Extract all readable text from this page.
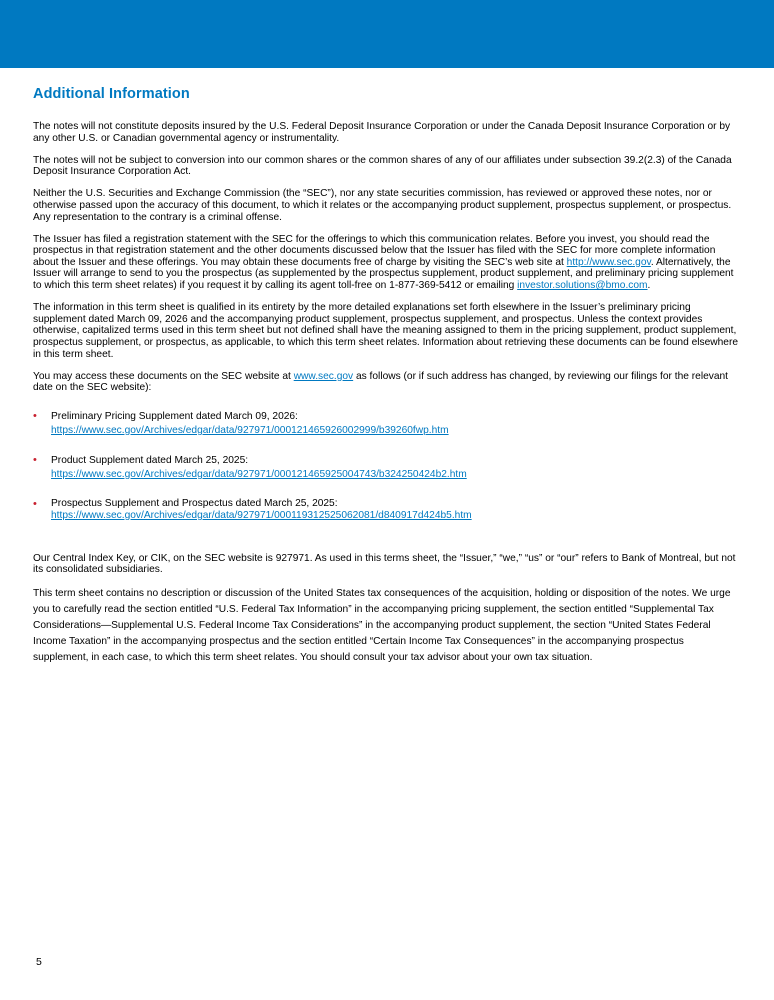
Additional Information

The notes will not constitute deposits insured by the U.S. Federal Deposit Insurance Corporation or under the Canada Deposit Insurance Corporation or by any other U.S. or Canadian governmental agency or instrumentality.

The notes will not be subject to conversion into our common shares or the common shares of any of our affiliates under subsection 39.2(2.3) of the Canada Deposit Insurance Corporation Act.

Neither the U.S. Securities and Exchange Commission (the “SEC”), nor any state securities commission, has reviewed or approved these notes, nor or otherwise passed upon the accuracy of this document, to which it relates or the accompanying product supplement, prospectus supplement, or prospectus. Any representation to the contrary is a criminal offense.

The Issuer has filed a registration statement with the SEC for the offerings to which this communication relates. Before you invest, you should read the prospectus in that registration statement and the other documents discussed below that the Issuer has filed with the SEC for more complete information about the Issuer and these offerings. You may obtain these documents free of charge by visiting the SEC’s web site at http://www.sec.gov. Alternatively, the Issuer will arrange to send to you the prospectus (as supplemented by the prospectus supplement, product supplement, and preliminary pricing supplement to which this term sheet relates) if you request it by calling its agent toll-free on 1-877-369-5412 or emailing investor.solutions@bmo.com.

The information in this term sheet is qualified in its entirety by the more detailed explanations set forth elsewhere in the Issuer’s preliminary pricing supplement dated March 09, 2026 and the accompanying product supplement, prospectus supplement, and prospectus. Unless the context provides otherwise, capitalized terms used in this term sheet but not defined shall have the meaning assigned to them in the pricing supplement, product supplement, prospectus supplement, or prospectus, as applicable, to which this term sheet relates. Information about retrieving these documents can be found elsewhere in this term sheet.

You may access these documents on the SEC website at www.sec.gov as follows (or if such address has changed, by reviewing our filings for the relevant date on the SEC website):

• Preliminary Pricing Supplement dated March 09, 2026:
https://www.sec.gov/Archives/edgar/data/927971/000121465926002999/b39260fwp.htm
• Product Supplement dated March 25, 2025:
https://www.sec.gov/Archives/edgar/data/927971/000121465925004743/b324250424b2.htm
• Prospectus Supplement and Prospectus dated March 25, 2025:
https://www.sec.gov/Archives/edgar/data/927971/000119312525062081/d840917d424b5.htm

Our Central Index Key, or CIK, on the SEC website is 927971. As used in this terms sheet, the “Issuer,” “we,” “us” or “our” refers to Bank of Montreal, but not its consolidated subsidiaries.

This term sheet contains no description or discussion of the United States tax consequences of the acquisition, holding or disposition of the notes. We urge you to carefully read the section entitled “U.S. Federal Tax Information” in the accompanying pricing supplement, the section entitled “Supplemental Tax Considerations—Supplemental U.S. Federal Income Tax Considerations” in the accompanying product supplement, the section “United States Federal Income Taxation” in the accompanying prospectus and the section entitled “Certain Income Tax Consequences” in the accompanying prospectus supplement, in each case, to which this term sheet relates. You should consult your tax advisor about your own tax situation.

5
